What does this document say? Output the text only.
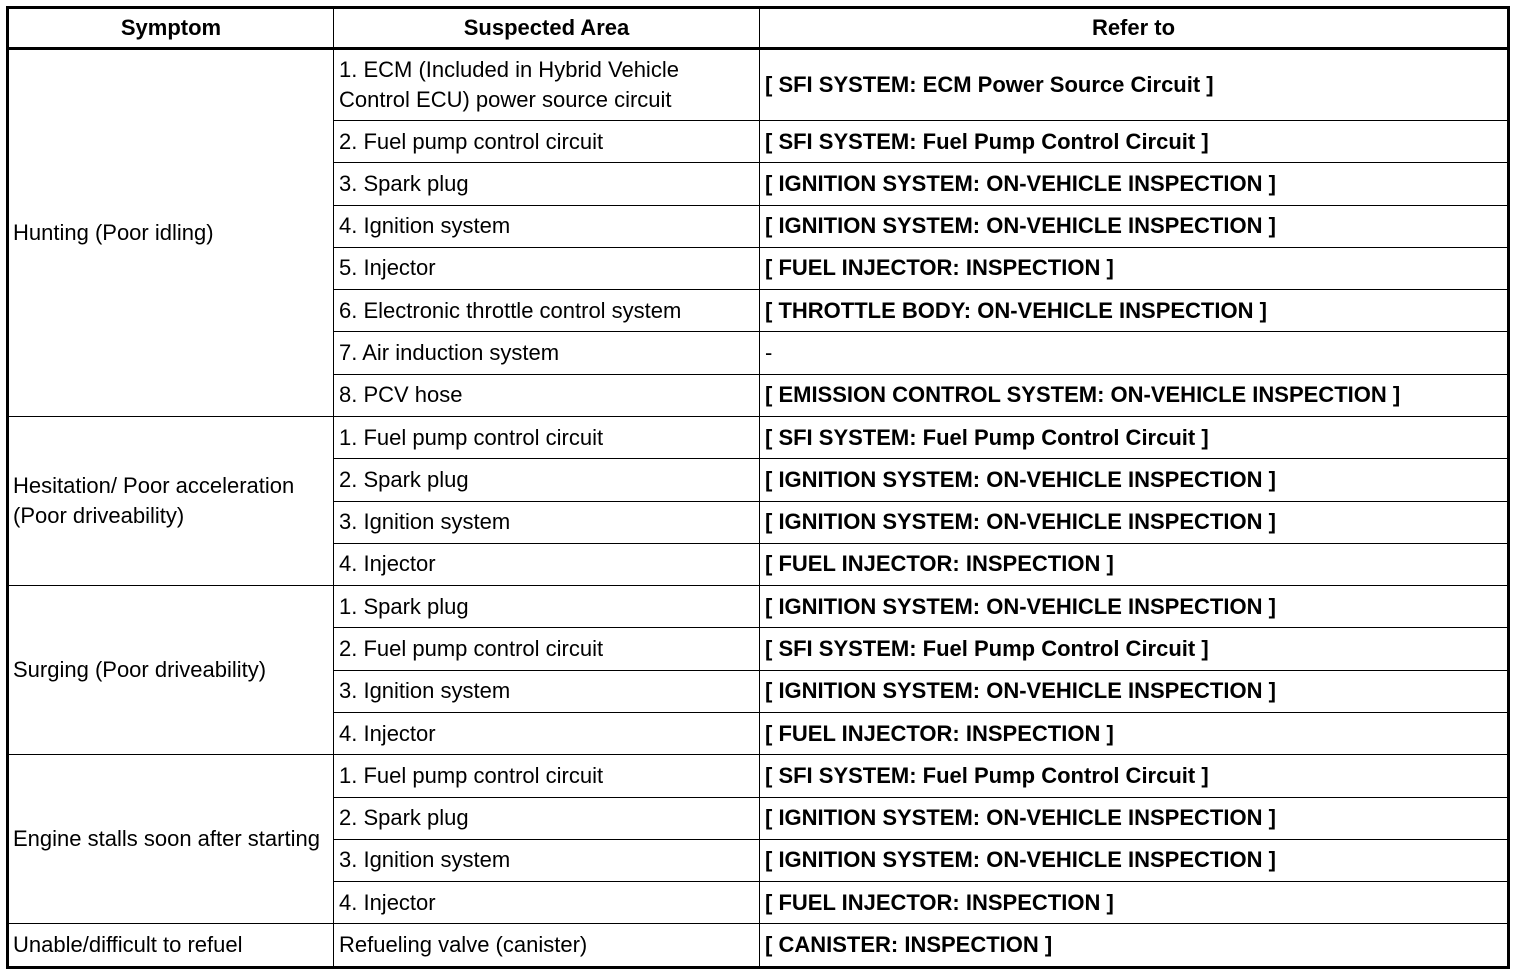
Symptom	Suspected Area	Refer to
Hunting (Poor idling)	1. ECM (Included in Hybrid Vehicle Control ECU) power source circuit	[ SFI SYSTEM: ECM Power Source Circuit ]
	2. Fuel pump control circuit	[ SFI SYSTEM: Fuel Pump Control Circuit ]
	3. Spark plug	[ IGNITION SYSTEM: ON-VEHICLE INSPECTION ]
	4. Ignition system	[ IGNITION SYSTEM: ON-VEHICLE INSPECTION ]
	5. Injector	[ FUEL INJECTOR: INSPECTION ]
	6. Electronic throttle control system	[ THROTTLE BODY: ON-VEHICLE INSPECTION ]
	7. Air induction system	-
	8. PCV hose	[ EMISSION CONTROL SYSTEM: ON-VEHICLE INSPECTION ]
Hesitation/ Poor acceleration (Poor driveability)	1. Fuel pump control circuit	[ SFI SYSTEM: Fuel Pump Control Circuit ]
	2. Spark plug	[ IGNITION SYSTEM: ON-VEHICLE INSPECTION ]
	3. Ignition system	[ IGNITION SYSTEM: ON-VEHICLE INSPECTION ]
	4. Injector	[ FUEL INJECTOR: INSPECTION ]
Surging (Poor driveability)	1. Spark plug	[ IGNITION SYSTEM: ON-VEHICLE INSPECTION ]
	2. Fuel pump control circuit	[ SFI SYSTEM: Fuel Pump Control Circuit ]
	3. Ignition system	[ IGNITION SYSTEM: ON-VEHICLE INSPECTION ]
	4. Injector	[ FUEL INJECTOR: INSPECTION ]
Engine stalls soon after starting	1. Fuel pump control circuit	[ SFI SYSTEM: Fuel Pump Control Circuit ]
	2. Spark plug	[ IGNITION SYSTEM: ON-VEHICLE INSPECTION ]
	3. Ignition system	[ IGNITION SYSTEM: ON-VEHICLE INSPECTION ]
	4. Injector	[ FUEL INJECTOR: INSPECTION ]
Unable/difficult to refuel	Refueling valve (canister)	[ CANISTER: INSPECTION ]
